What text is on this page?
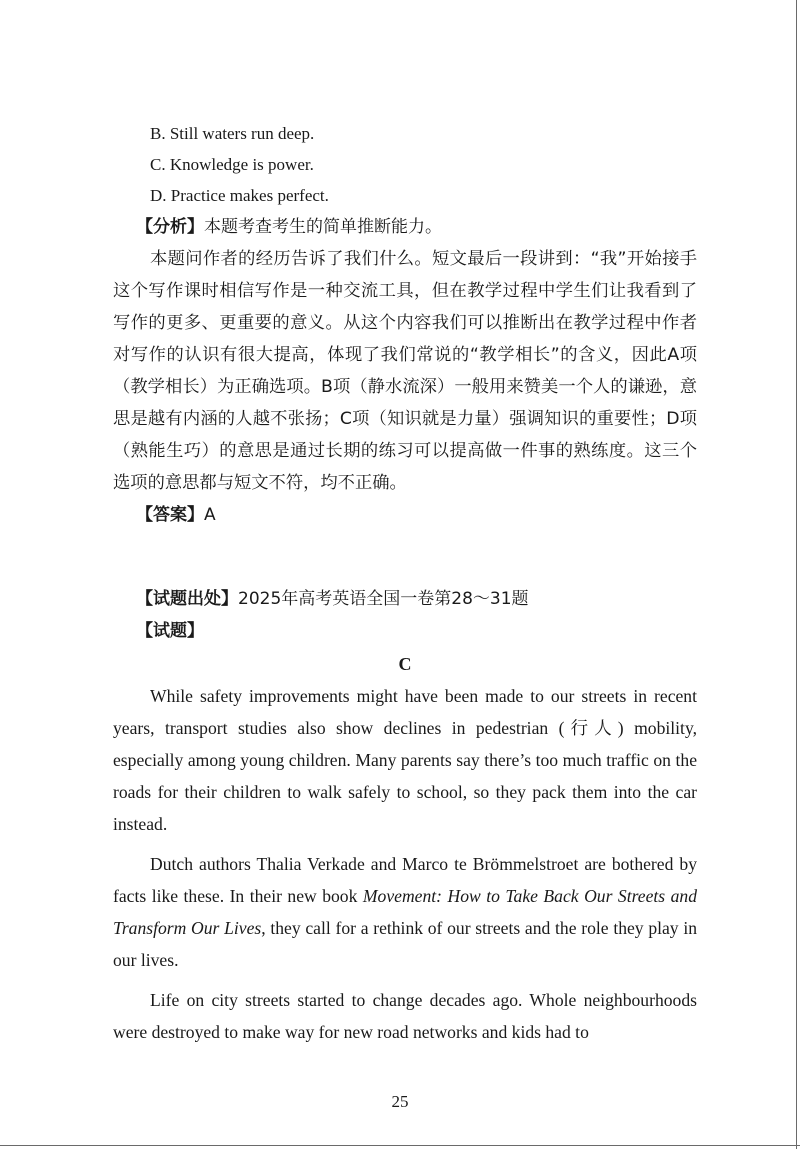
B. Still waters run deep.

C. Knowledge is power.

D. Practice makes perfect.

【分析】本题考查考生的简单推断能力。

本题问作者的经历告诉了我们什么。短文最后一段讲到：“我”开始接手这个写作课时相信写作是一种交流工具，但在教学过程中学生们让我看到了写作的更多、更重要的意义。从这个内容我们可以推断出在教学过程中作者对写作的认识有很大提高，体现了我们常说的“教学相长”的含义，因此A项（教学相长）为正确选项。B项（静水流深）一般用来赞美一个人的谦逊，意思是越有内涵的人越不张扬；C项（知识就是力量）强调知识的重要性；D项（熟能生巧）的意思是通过长期的练习可以提高做一件事的熟练度。这三个选项的意思都与短文不符，均不正确。

【答案】A

【试题出处】2025年高考英语全国一卷第28～31题

【试题】

C

While safety improvements might have been made to our streets in recent years, transport studies also show declines in pedestrian (行人) mobility, especially among young children. Many parents say there’s too much traffic on the roads for their children to walk safely to school, so they pack them into the car instead.

Dutch authors Thalia Verkade and Marco te Brömmelstroet are bothered by facts like these. In their new book Movement: How to Take Back Our Streets and Transform Our Lives, they call for a rethink of our streets and the role they play in our lives.

Life on city streets started to change decades ago. Whole neighbourhoods were destroyed to make way for new road networks and kids had to

25
